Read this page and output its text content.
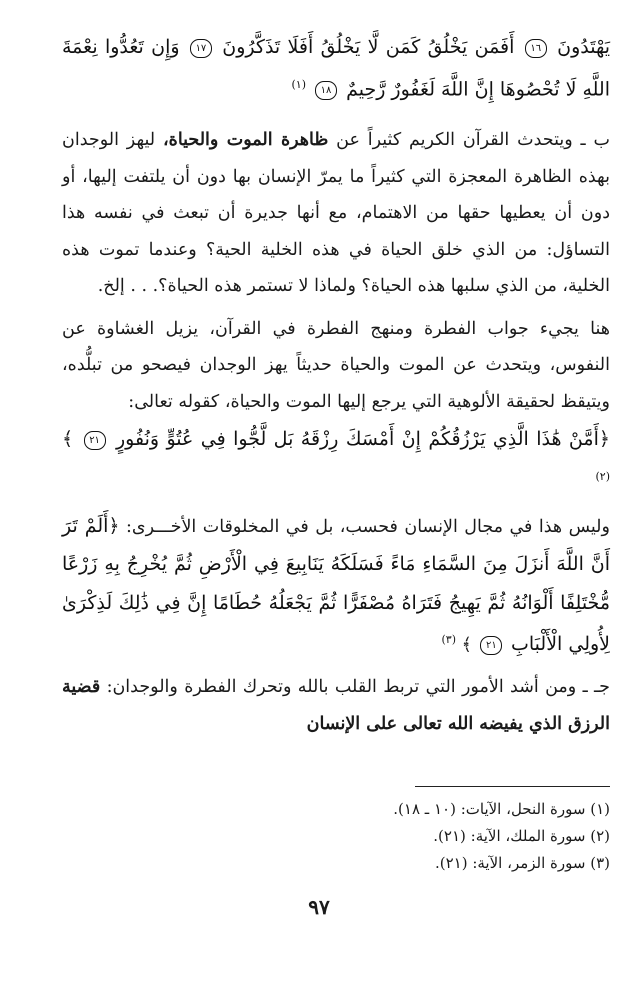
يَهْتَدُونَ ١٦ أَفَمَن يَخْلُقُ كَمَن لَّا يَخْلُقُ أَفَلَا تَذَكَّرُونَ ١٧ وَإِن تَعُدُّوا نِعْمَةَ اللَّهِ لَا تُحْصُوهَا إِنَّ اللَّهَ لَغَفُورٌ رَّحِيمٌ ١٨ (١)

ب ـ ويتحدث القرآن الكريم كثيراً عن ظاهرة الموت والحياة، ليهز الوجدان بهذه الظاهرة المعجزة التي كثيراً ما يمرّ الإنسان بها دون أن يلتفت إليها، أو دون أن يعطيها حقها من الاهتمام، مع أنها جديرة أن تبعث في نفسه هذا التساؤل: من الذي خلق الحياة في هذه الخلية الحية؟ وعندما تموت هذه الخلية، من الذي سلبها هذه الحياة؟ ولماذا لا تستمر هذه الحياة؟. . . إلخ.

هنا يجيء جواب الفطرة ومنهج الفطرة في القرآن، يزيل الغشاوة عن النفوس، ويتحدث عن الموت والحياة حديثاً يهز الوجدان فيصحو من تبلُّده، ويتيقظ لحقيقة الألوهية التي يرجع إليها الموت والحياة، كقوله تعالى:

﴿أَمَّنْ هَٰذَا الَّذِي يَرْزُقُكُمْ إِنْ أَمْسَكَ رِزْقَهُ بَل لَّجُّوا فِي عُتُوٍّ وَنُفُورٍ ٢١ ﴾ (٢)

وليس هذا في مجال الإنسان فحسب، بل في المخلوقات الأخـــرى: ﴿أَلَمْ تَرَ أَنَّ اللَّهَ أَنزَلَ مِنَ السَّمَاءِ مَاءً فَسَلَكَهُ يَنَابِيعَ فِي الْأَرْضِ ثُمَّ يُخْرِجُ بِهِ زَرْعًا مُّخْتَلِفًا أَلْوَانُهُ ثُمَّ يَهِيجُ فَتَرَاهُ مُصْفَرًّا ثُمَّ يَجْعَلُهُ حُطَامًا إِنَّ فِي ذَٰلِكَ لَذِكْرَىٰ لِأُولِي الْأَلْبَابِ ٢١ ﴾ (٣)

جـ ـ ومن أشد الأمور التي تربط القلب بالله وتحرك الفطرة والوجدان: قضية الرزق الذي يفيضه الله تعالى على الإنسان

(١) سورة النحل، الآيات: (١٠ ـ ١٨).
(٢) سورة الملك، الآية: (٢١).
(٣) سورة الزمر، الآية: (٢١).
٩٧
